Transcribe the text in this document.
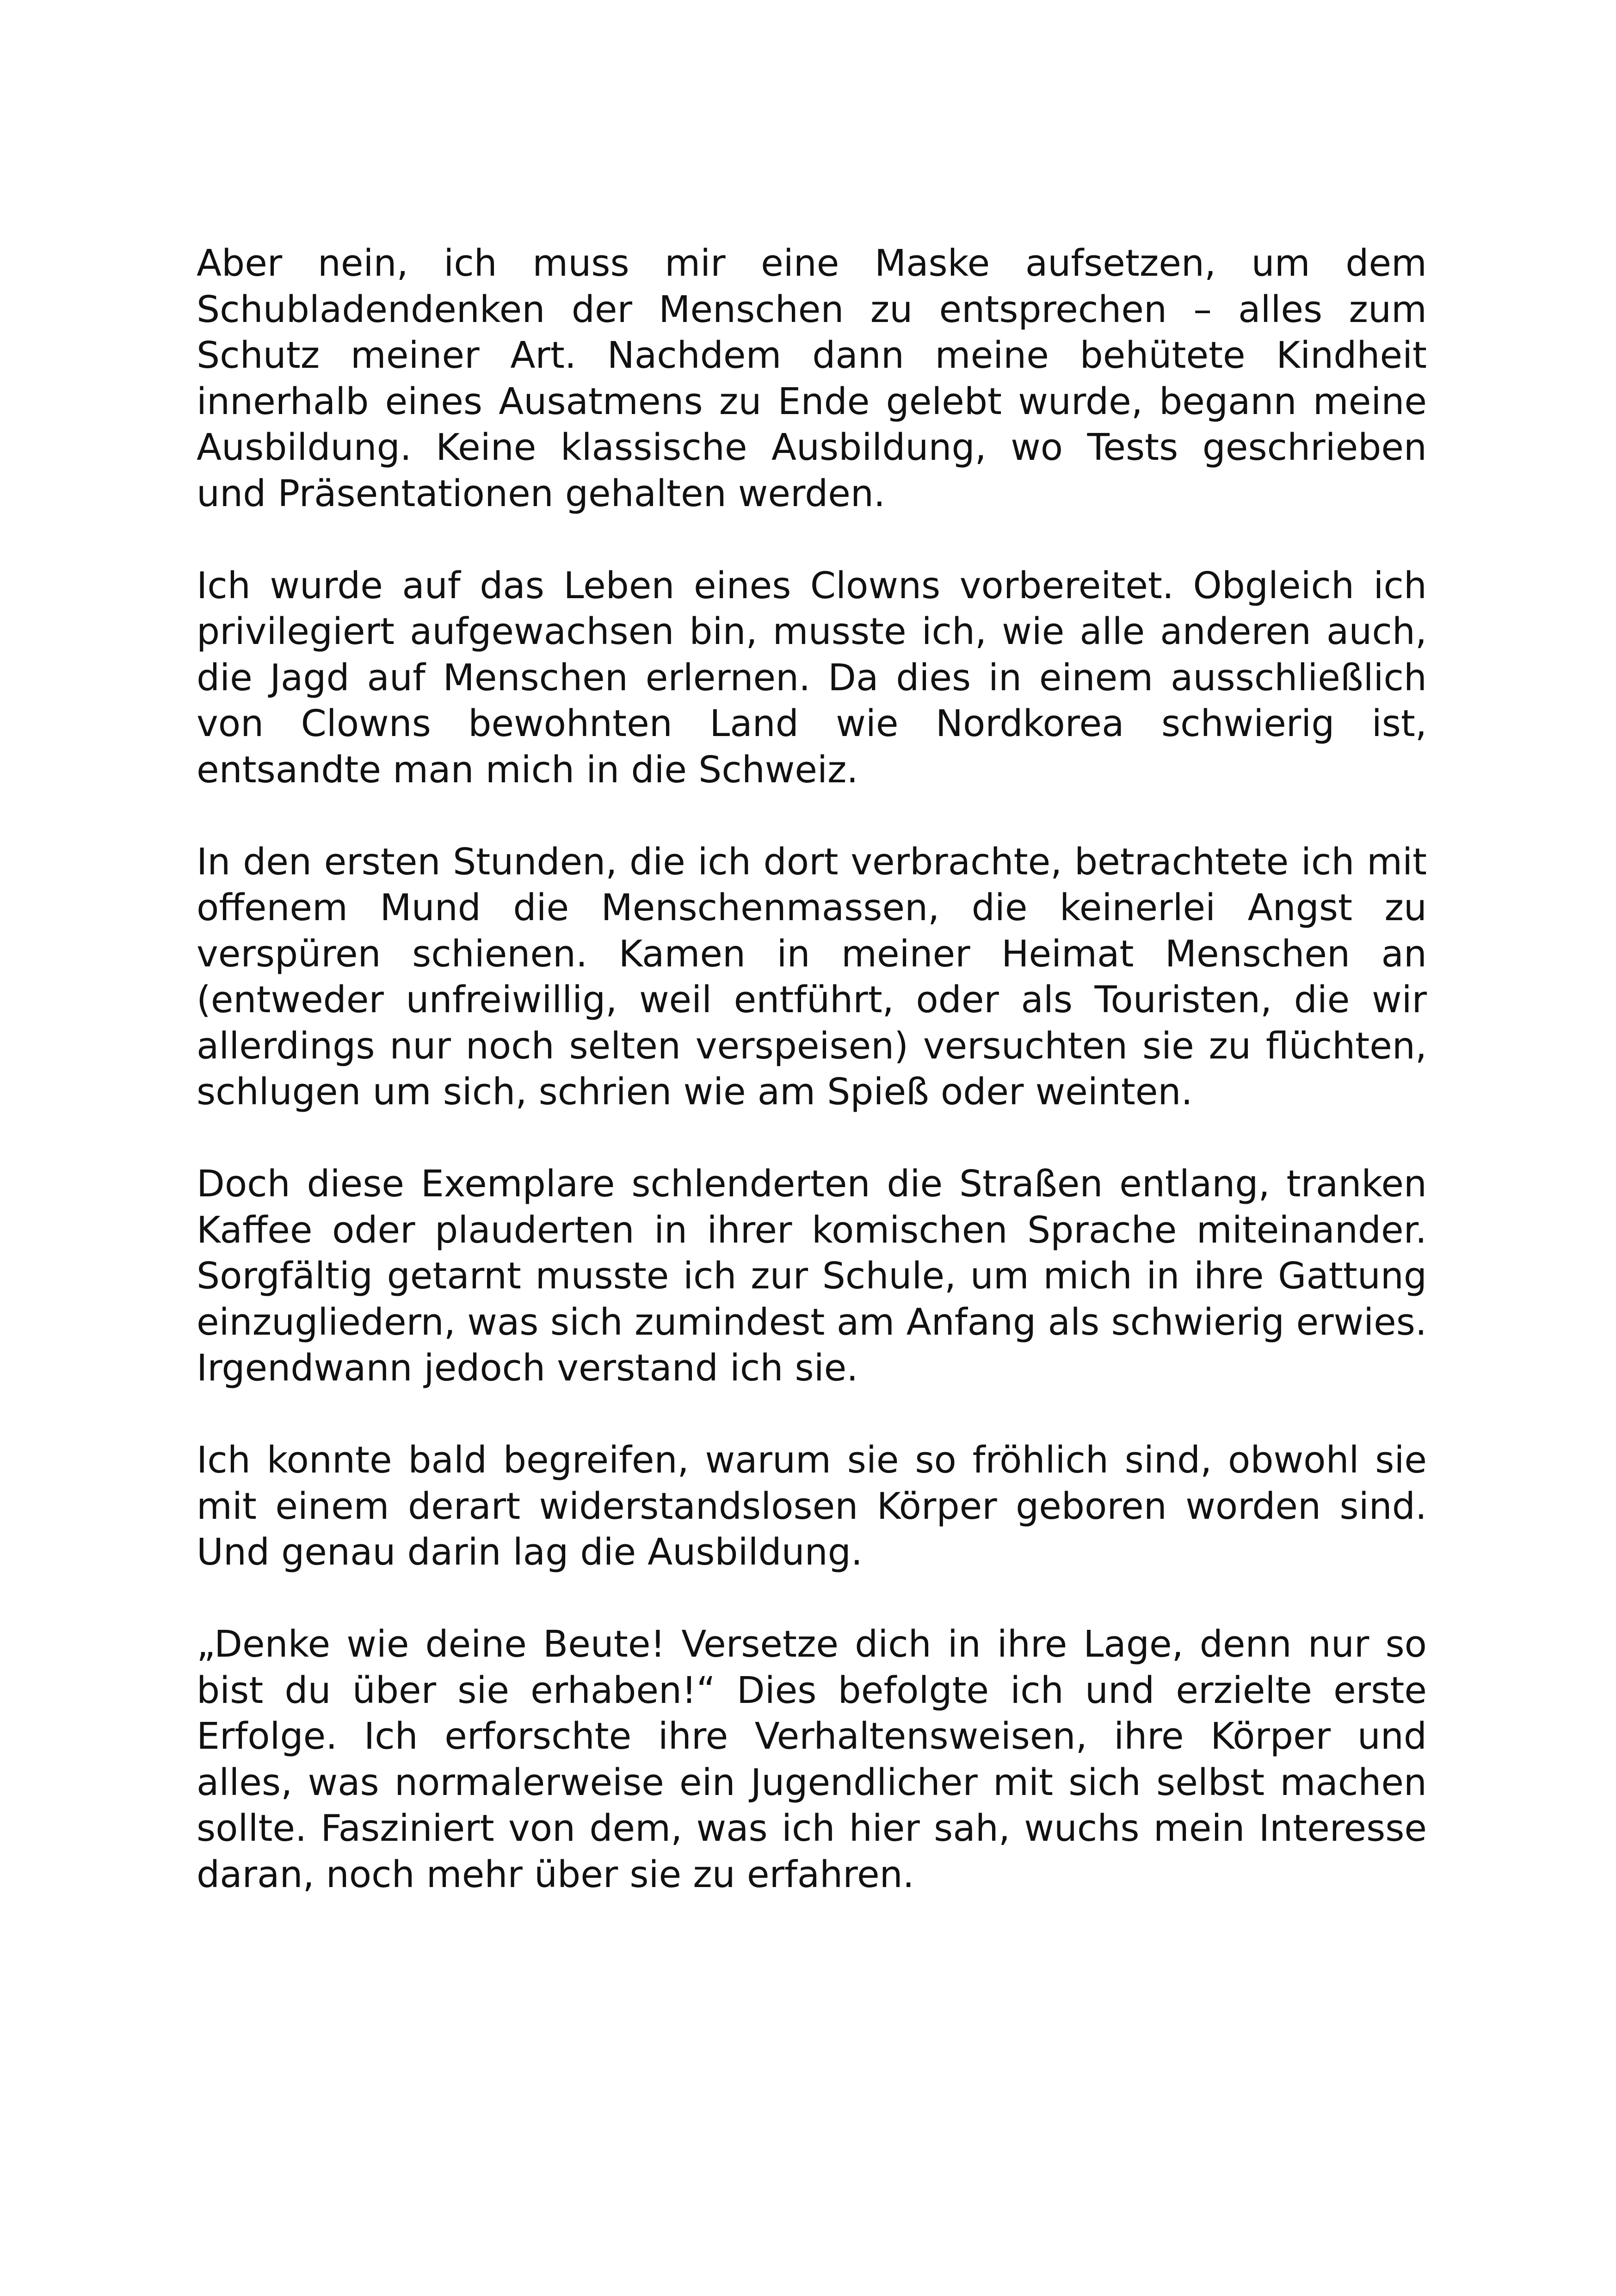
Aber nein, ich muss mir eine Maske aufsetzen, um dem Schubladendenken der Menschen zu entsprechen – alles zum Schutz meiner Art. Nachdem dann meine behütete Kindheit innerhalb eines Ausatmens zu Ende gelebt wurde, begann meine Ausbildung. Keine klassische Ausbildung, wo Tests geschrieben und Präsentationen gehalten werden.

Ich wurde auf das Leben eines Clowns vorbereitet. Obgleich ich privilegiert aufgewachsen bin, musste ich, wie alle anderen auch, die Jagd auf Menschen erlernen. Da dies in einem ausschließlich von Clowns bewohnten Land wie Nordkorea schwierig ist, entsandte man mich in die Schweiz.

In den ersten Stunden, die ich dort verbrachte, betrachtete ich mit offenem Mund die Menschenmassen, die keinerlei Angst zu verspüren schienen. Kamen in meiner Heimat Menschen an (entweder unfreiwillig, weil entführt, oder als Touristen, die wir allerdings nur noch selten verspeisen) versuchten sie zu flüchten, schlugen um sich, schrien wie am Spieß oder weinten.

Doch diese Exemplare schlenderten die Straßen entlang, tranken Kaffee oder plauderten in ihrer komischen Sprache miteinander. Sorgfältig getarnt musste ich zur Schule, um mich in ihre Gattung einzugliedern, was sich zumindest am Anfang als schwierig erwies. Irgendwann jedoch verstand ich sie.

Ich konnte bald begreifen, warum sie so fröhlich sind, obwohl sie mit einem derart widerstandslosen Körper geboren worden sind. Und genau darin lag die Ausbildung.

„Denke wie deine Beute! Versetze dich in ihre Lage, denn nur so bist du über sie erhaben!“ Dies befolgte ich und erzielte erste Erfolge. Ich erforschte ihre Verhaltensweisen, ihre Körper und alles, was normalerweise ein Jugendlicher mit sich selbst machen sollte. Fasziniert von dem, was ich hier sah, wuchs mein Interesse daran, noch mehr über sie zu erfahren.
